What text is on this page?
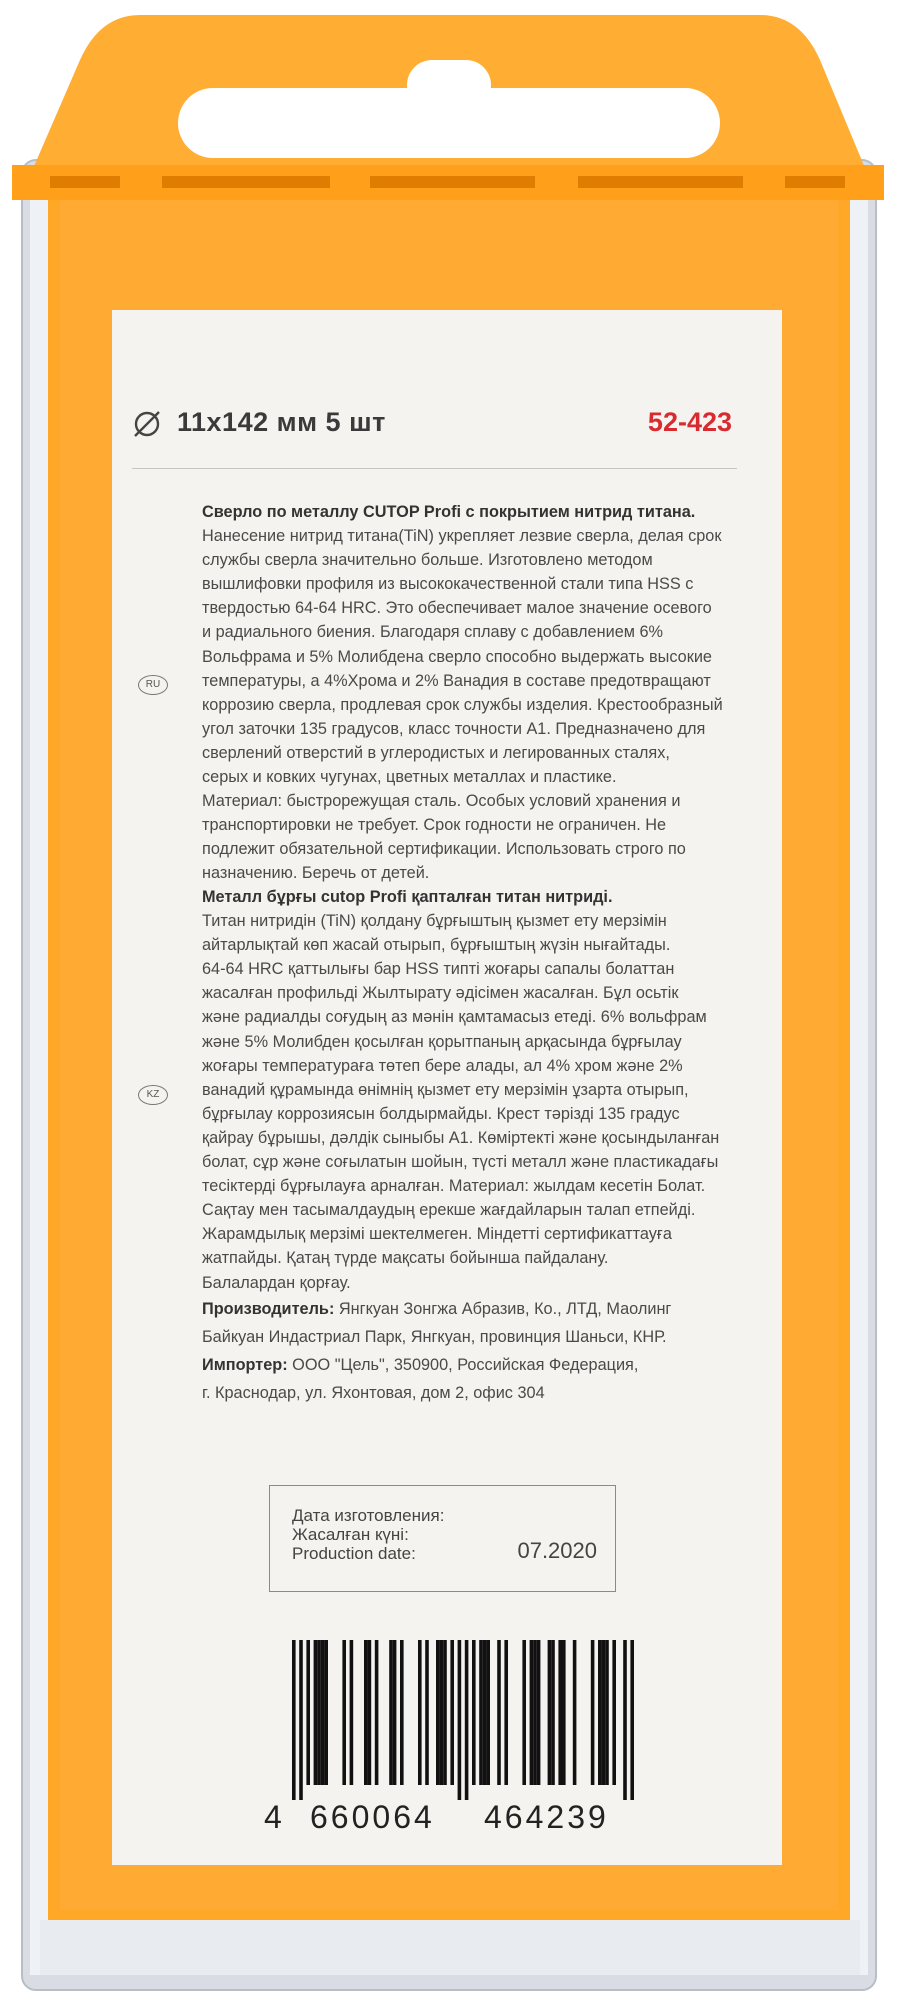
11x142 мм 5 шт	52-423
RU
Сверло по металлу CUTOP Profi с покрытием нитрид титана.
Нанесение нитрид титана(TiN) укрепляет лезвие сверла, делая срок
службы сверла значительно больше. Изготовлено методом
вышлифовки профиля из высококачественной стали типа HSS с
твердостью 64-64 HRC. Это обеспечивает малое значение осевого
и радиального биения. Благодаря сплаву с добавлением 6%
Вольфрама и 5% Молибдена сверло способно выдержать высокие
температуры, а 4%Хрома и 2% Ванадия в составе предотвращают
коррозию сверла, продлевая срок службы изделия. Крестообразный
угол заточки 135 градусов, класс точности А1. Предназначено для
сверлений отверстий в углеродистых и легированных сталях,
серых и ковких чугунах, цветных металлах и пластике.
Материал: быстрорежущая сталь. Особых условий хранения и
транспортировки не требует. Срок годности не ограничен. Не
подлежит обязательной сертификации. Использовать строго по
назначению. Беречь от детей.
KZ
Металл бұрғы cutop Profi қапталған титан нитриді.
Титан нитридін (TiN) қолдану бұрғыштың қызмет ету мерзімін
айтарлықтай көп жасай отырып, бұрғыштың жүзін нығайтады.
64-64 HRC қаттылығы бар HSS типті жоғары сапалы болаттан
жасалған профильді Жылтырату әдісімен жасалған. Бұл осьтік
және радиалды соғудың аз мәнін қамтамасыз етеді. 6% вольфрам
және 5% Молибден қосылған қорытпаның арқасында бұрғылау
жоғары температураға төтеп бере алады, ал 4% хром және 2%
ванадий құрамында өнімнің қызмет ету мерзімін ұзарта отырып,
бұрғылау коррозиясын болдырмайды. Крест тәрізді 135 градус
қайрау бұрышы, дәлдік сыныбы А1. Көміртекті және қосындыланған
болат, сұр және соғылатын шойын, түсті металл және пластикадағы
тесіктерді бұрғылауға арналған. Материал: жылдам кесетін Болат.
Сақтау мен тасымалдаудың ерекше жағдайларын талап етпейді.
Жарамдылық мерзімі шектелмеген. Міндетті сертификаттауға
жатпайды. Қатаң түрде мақсаты бойынша пайдалану.
Балалардан қорғау.
Производитель: Янгкуан Зонгжа Абразив, Ко., ЛТД, Маолинг
Байкуан Индастриал Парк, Янгкуан, провинция Шаньси, КНР.
Импортер: ООО "Цель", 350900, Российская Федерация,
г. Краснодар, ул. Яхонтовая, дом 2, офис 304
Дата изготовления:
Жасалған күні:
Production date:	07.2020
4 660064 464239
